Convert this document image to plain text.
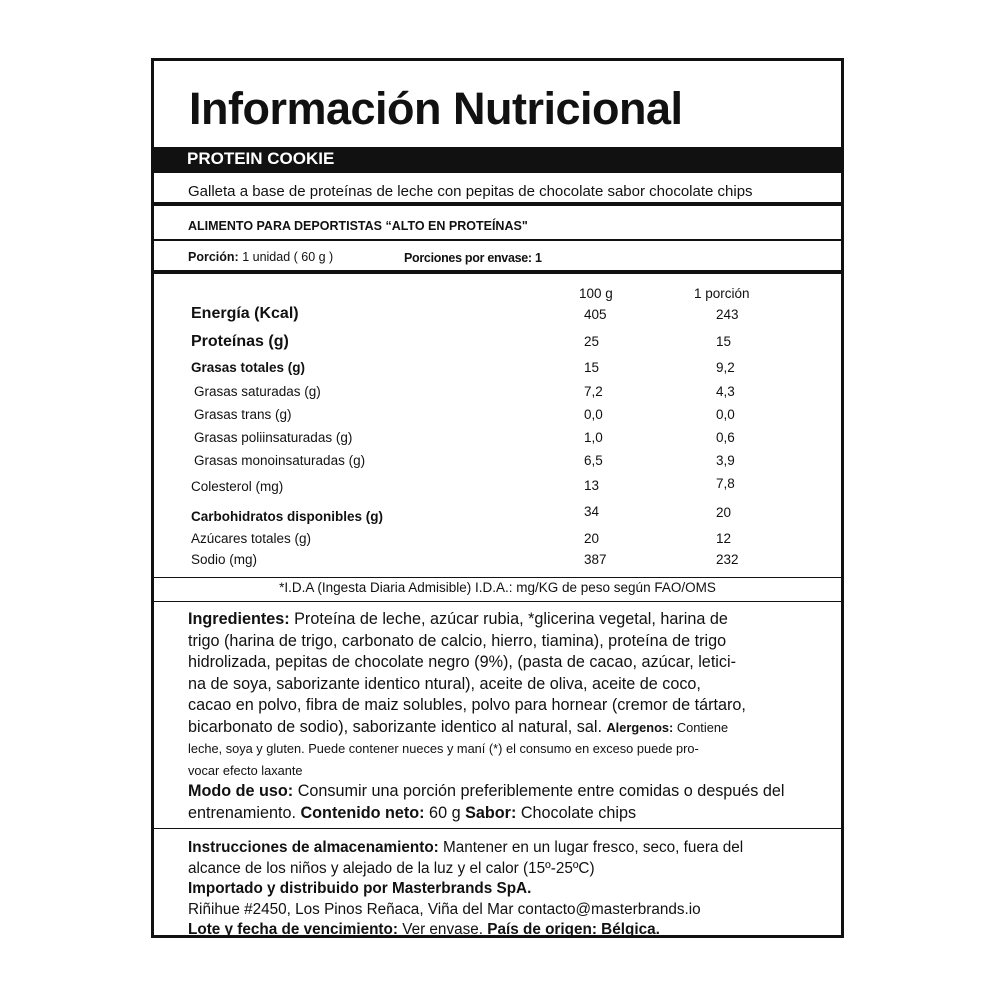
Información Nutricional
PROTEIN COOKIE
Galleta a base de proteínas de leche con pepitas de chocolate sabor chocolate chips
ALIMENTO PARA DEPORTISTAS “ALTO EN PROTEÍNAS"
Porción: 1 unidad ( 60 g )	Porciones por envase: 1
100 g	1 porción
Energía (Kcal)	405	243
Proteínas (g)	25	15
Grasas totales (g)	15	9,2
Grasas saturadas (g)	7,2	4,3
Grasas trans (g)	0,0	0,0
Grasas poliinsaturadas (g)	1,0	0,6
Grasas monoinsaturadas (g)	6,5	3,9
Colesterol (mg)	13	7,8
Carbohidratos disponibles (g)	34	20
Azúcares totales (g)	20	12
Sodio (mg)	387	232
*I.D.A (Ingesta Diaria Admisible) I.D.A.: mg/KG de peso según FAO/OMS
Ingredientes: Proteína de leche, azúcar rubia, *glicerina vegetal, harina de
trigo (harina de trigo, carbonato de calcio, hierro, tiamina), proteína de trigo
hidrolizada, pepitas de chocolate negro (9%), (pasta de cacao, azúcar, letici-
na de soya, saborizante identico ntural), aceite de oliva, aceite de coco,
cacao en polvo, fibra de maiz solubles, polvo para hornear (cremor de tártaro,
bicarbonato de sodio), saborizante identico al natural, sal. Alergenos: Contiene
leche, soya y gluten. Puede contener nueces y maní (*) el consumo en exceso puede pro-
vocar efecto laxante
Modo de uso: Consumir una porción preferiblemente entre comidas o después del
entrenamiento. Contenido neto: 60 g Sabor: Chocolate chips
Instrucciones de almacenamiento: Mantener en un lugar fresco, seco, fuera del
alcance de los niños y alejado de la luz y el calor (15º-25ºC)
Importado y distribuido por Masterbrands SpA.
Riñihue #2450, Los Pinos Reñaca, Viña del Mar contacto@masterbrands.io
Lote y fecha de vencimiento: Ver envase. País de origen: Bélgica.
